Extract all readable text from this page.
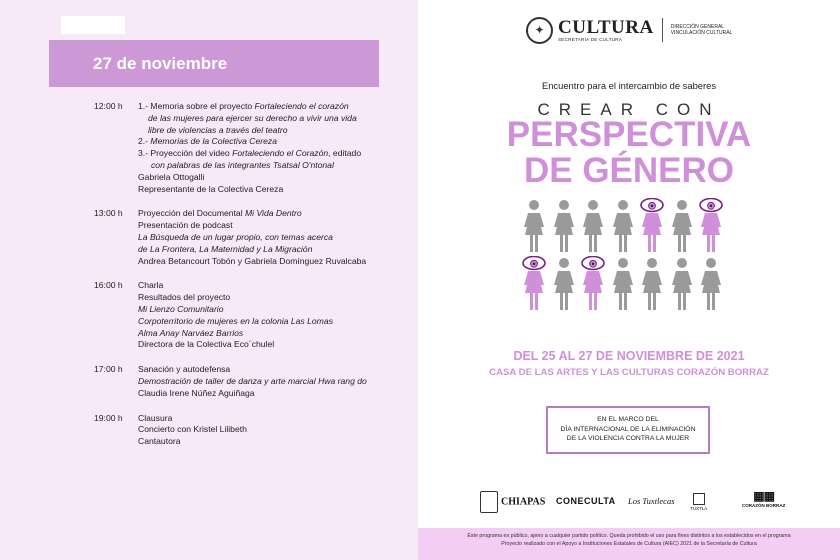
27 de noviembre
12:00 h	1.- Memoria sobre el proyecto Fortaleciendo el corazón
de las mujeres para ejercer su derecho a vivir una vida
libre de violencias a través del teatro
2.- Memorias de la Colectiva Cereza
3.- Proyección del video Fortaleciendo el Corazón, editado
con palabras de las integrantes Tsatsal O'ntonal
Gabriela Ottogalli
Representante de la Colectiva Cereza
13:00 h	Proyección del Documental Mi Vida Dentro
Presentación de podcast
La Búsqueda de un lugar propio, con temas acerca
de La Frontera, La Maternidad y La Migración
Andrea Betancourt Tobón y Gabriela Domínguez Ruvalcaba
16:00 h	Charla
Resultados del proyecto
Mi Lienzo Comunitario
Corpoterritorio de mujeres en la colonia Las Lomas
Alma Anay Narváez Barrios
Directora de la Colectiva Eco´chulel
17:00 h	Sanación y autodefensa
Demostración de taller de danza y arte marcial Hwa rang do
Claudia Irene Núñez Aguiñaga
19:00 h	Clausura
Concierto con Kristel Lilibeth
Cantautora
✦ CULTURA
SECRETARÍA DE CULTURA
DIRECCIÓN GENERAL
VINCULACIÓN CULTURAL
Encuentro para el intercambio de saberes
CREAR CON
PERSPECTIVA
DE GÉNERO
DEL 25 AL 27 DE NOVIEMBRE DE 2021
CASA DE LAS ARTES Y LAS CULTURAS CORAZÓN BORRAZ
EN EL MARCO DEL
DÍA INTERNACIONAL DE LA ELIMINACIÓN
DE LA VIOLENCIA CONTRA LA MUJER
CHIAPAS CONECULTA Los Tuxtlecas
TUXTLA
▦▦
CORAZÓN BORRAZ
Este programa es público, ajeno a cualquier partido político. Queda prohibido el uso para fines distintos a los establecidos en el programa
Proyecto realizado con el Apoyo a Instituciones Estatales de Cultura (AIEC) 2021 de la Secretaría de Cultura
